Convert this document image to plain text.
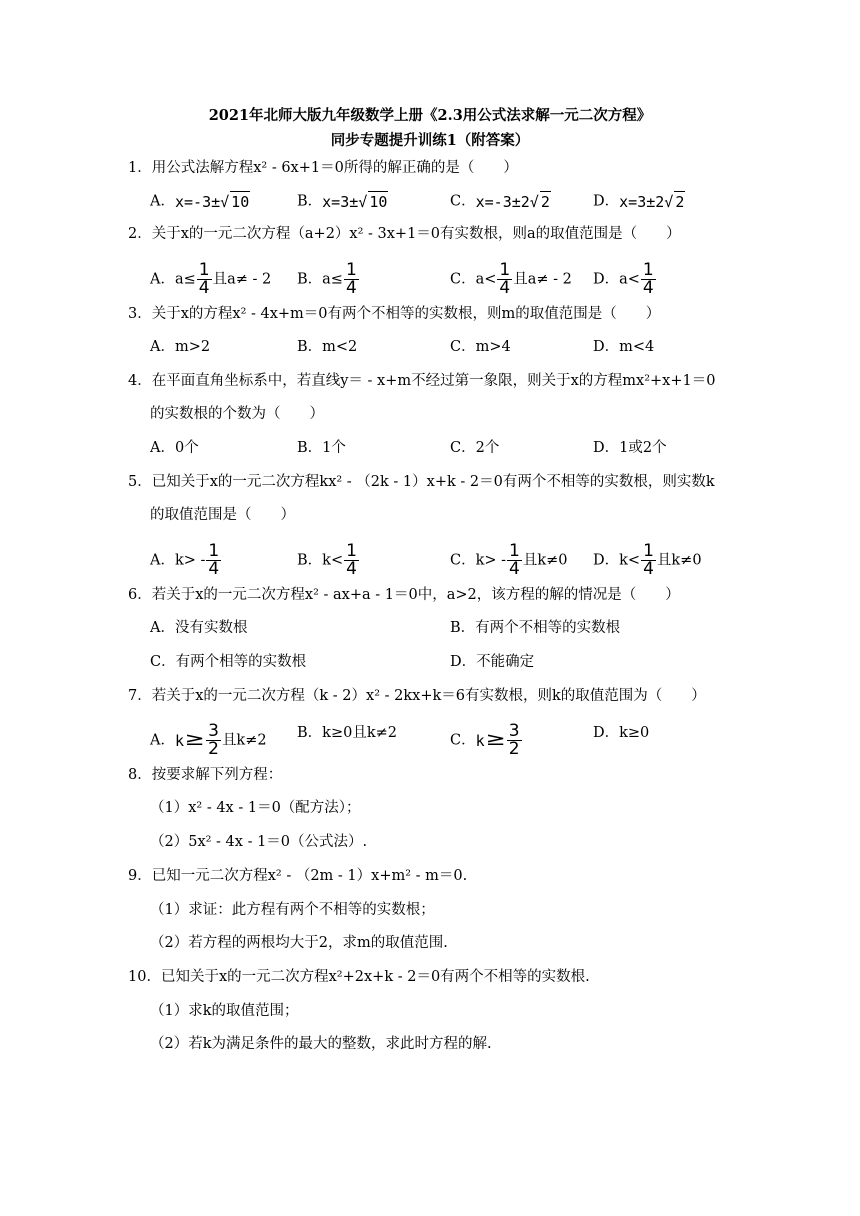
2021年北师大版九年级数学上册《2.3用公式法求解一元二次方程》
同步专题提升训练1（附答案）
1．用公式法解方程x² - 6x+1＝0所得的解正确的是（　　）
A．x=-3±√ 10	B．x=3±√ 10	C．x=-3±2√ 2	D．x=3±2√ 2
2．关于x的一元二次方程（a+2）x² - 3x+1＝0有实数根，则a的取值范围是（　　）
A．$a\le \frac{1}{4}$ 且a≠ - 2 B．$a\le \frac{1}{4}$	C．$a< \frac{1}{4}$ 且a≠ - 2 D．$a< \frac{1}{4}$
3．关于x的方程x² - 4x+m＝0有两个不相等的实数根，则m的取值范围是（　　）
A．m>2	B．m<2	C．m>4	D．m<4
4．在平面直角坐标系中，若直线y＝ - x+m不经过第一象限，则关于x的方程mx²+x+1＝0
的实数根的个数为（　　）
A．0个	B．1个	C．2个	D．1或2个
5．已知关于x的一元二次方程kx² - （2k - 1）x+k - 2＝0有两个不相等的实数根，则实数k
的取值范围是（　　）
A．$k> - \frac{1}{4}$	B．$k< \frac{1}{4}$	C．$k> - \frac{1}{4}$ 且k≠0 D．$k< \frac{1}{4}$ 且k≠0
6．若关于x的一元二次方程x² - ax+a - 1＝0中，a>2，该方程的解的情况是（　　）
A．没有实数根	B．有两个不相等的实数根
C．有两个相等的实数根	D．不能确定
7．若关于x的一元二次方程（k - 2）x² - 2kx+k＝6有实数根，则k的取值范围为（　　）
A．$k\ge \frac{3}{2}$ 且k≠2 B．k≥0且k≠2	C．$k\ge \frac{3}{2}$	D．k≥0
8．按要求解下列方程：
（1）x² - 4x - 1＝0（配方法）；
（2）5x² - 4x - 1＝0（公式法）.
9．已知一元二次方程x² - （2m - 1）x+m² - m＝0.
（1）求证：此方程有两个不相等的实数根；
（2）若方程的两根均大于2，求m的取值范围.
10．已知关于x的一元二次方程x²+2x+k - 2＝0有两个不相等的实数根.
（1）求k的取值范围；
（2）若k为满足条件的最大的整数，求此时方程的解.
